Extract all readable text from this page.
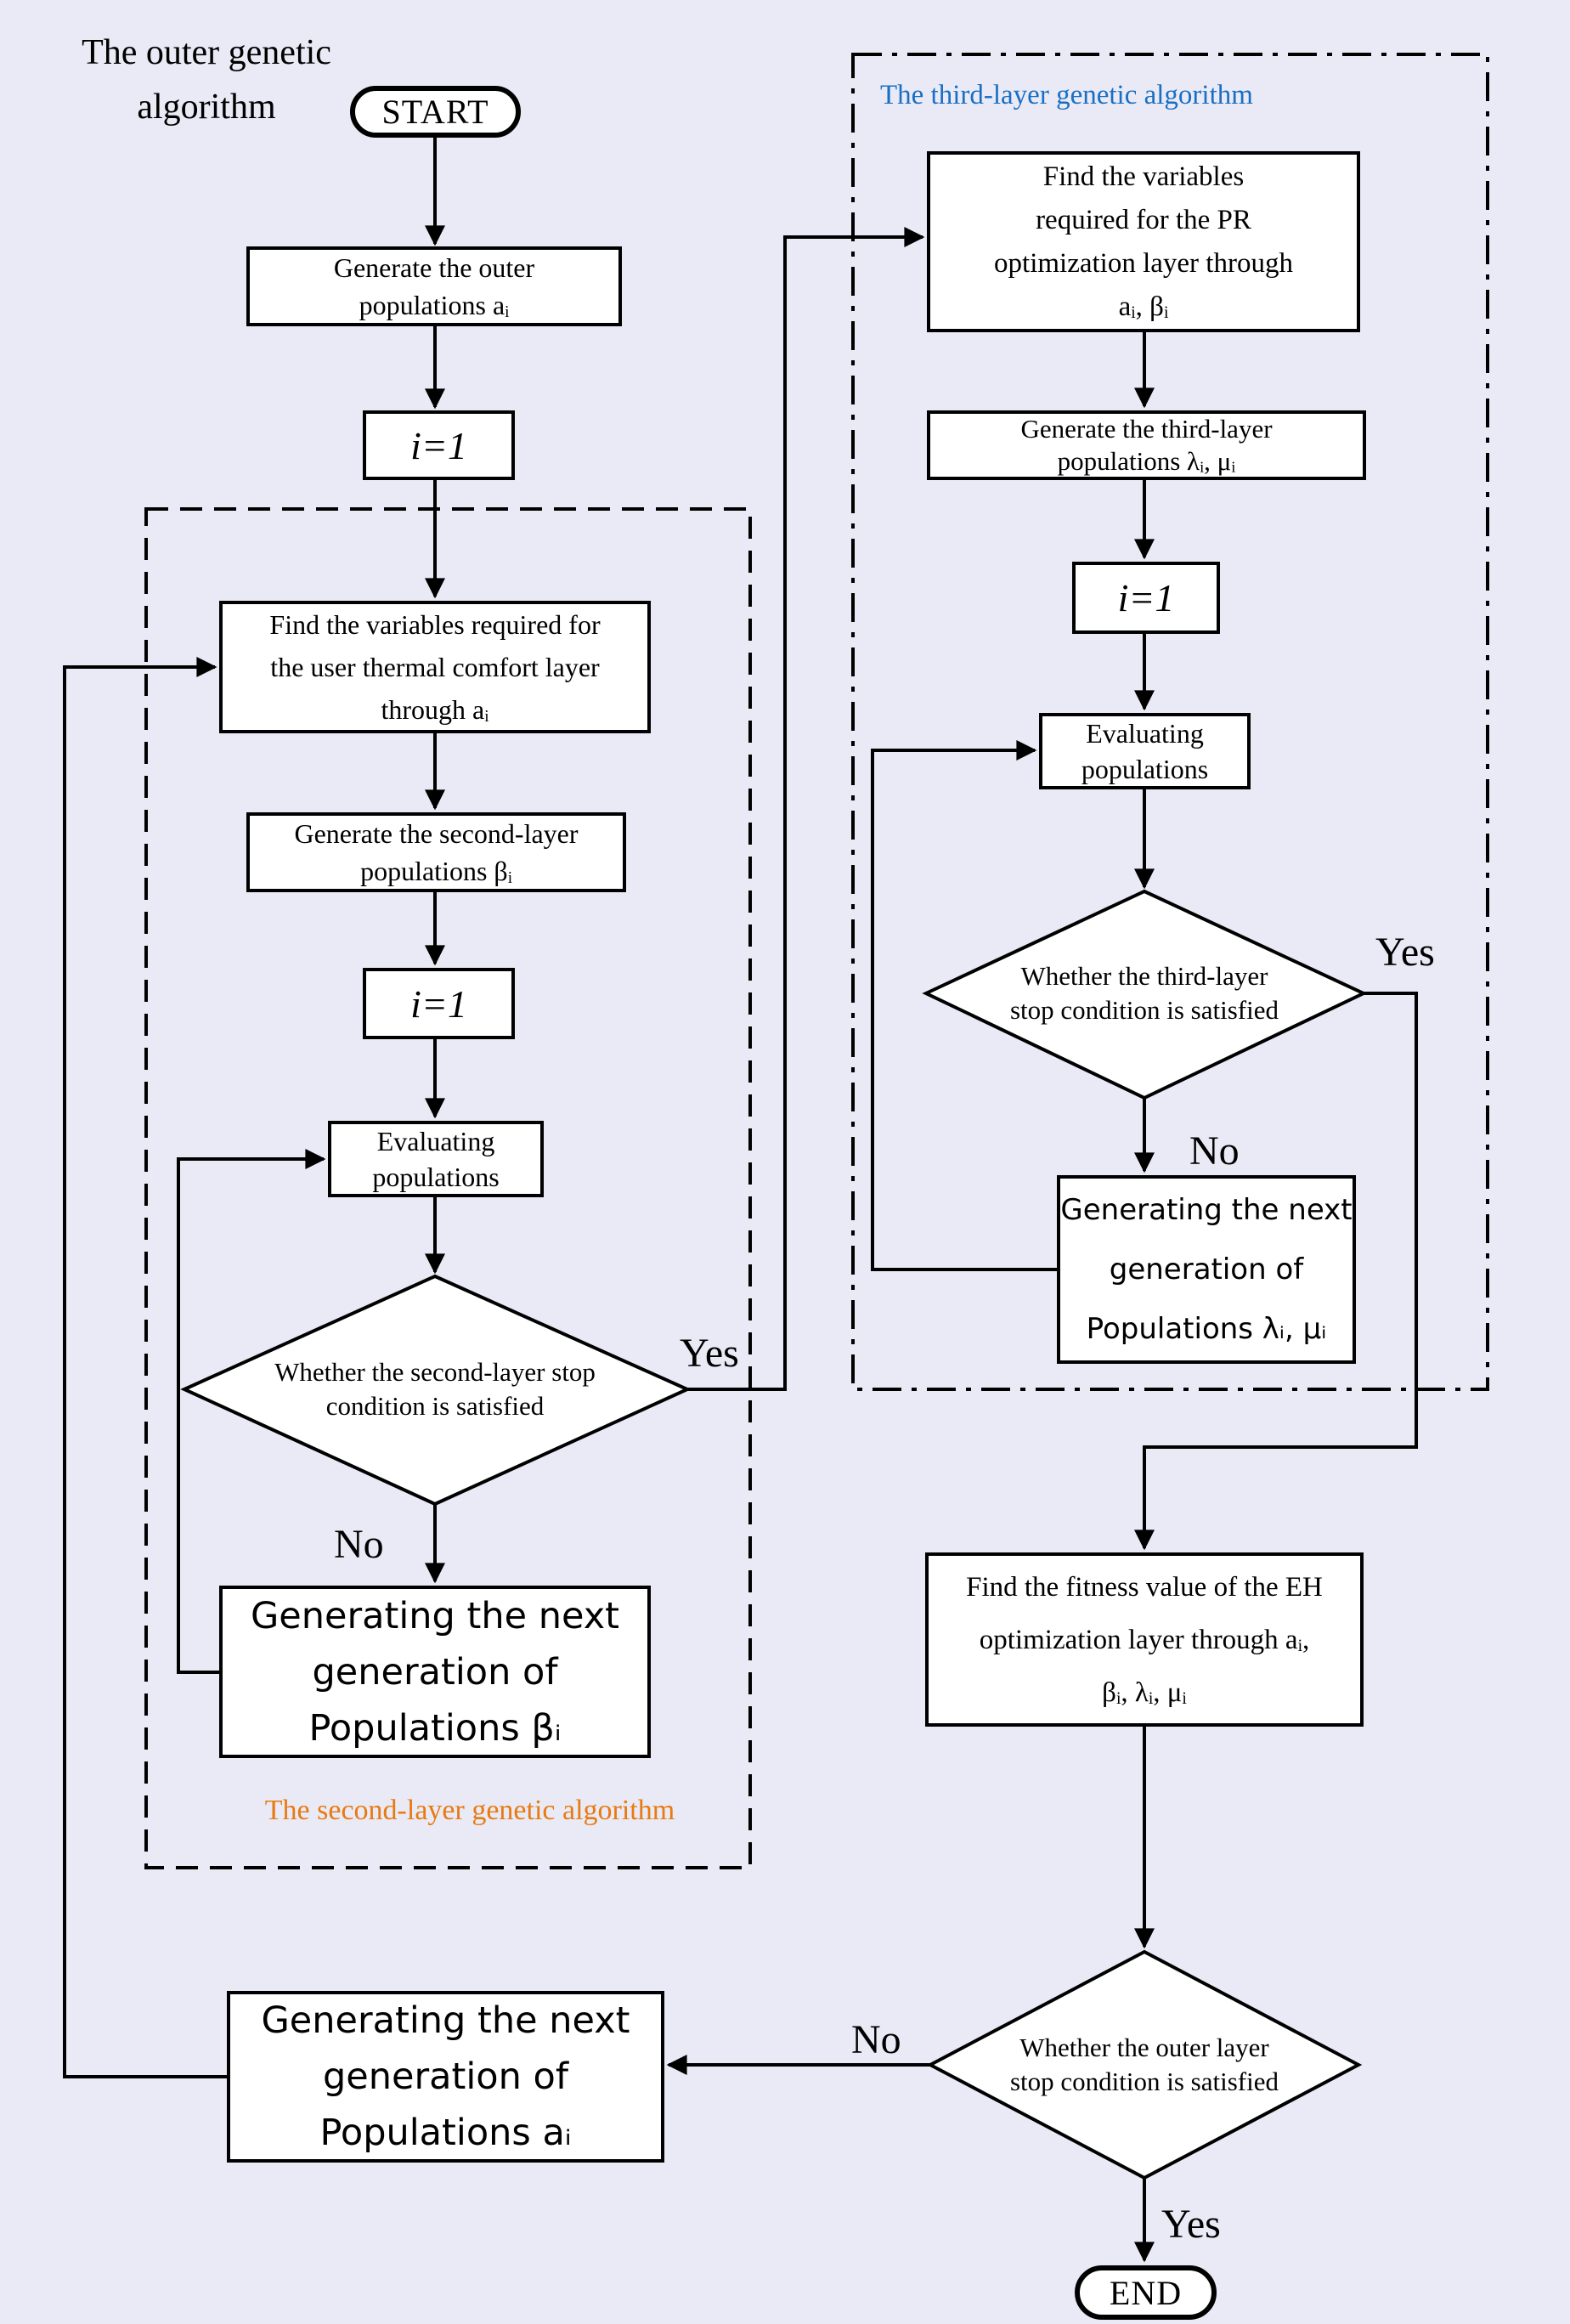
The outer genetic
algorithm	START
Generate the outer
populations aᵢ
i=1
Find the variables required for
the user thermal comfort layer
through aᵢ
Generate the second-layer
populations βᵢ
i=1
Evaluating
populations
Whether the second-layer stop
condition is satisfied
Yes
No
Generating the next
generation of
Populations βᵢ
The second-layer genetic algorithm
The third-layer genetic algorithm
Find the variables
required for the PR
optimization layer through
aᵢ, βᵢ
Generate the third-layer
populations λᵢ, μᵢ
i=1
Evaluating
populations
Whether the third-layer
stop condition is satisfied
Yes
No
Generating the next
generation of
Populations λᵢ, μᵢ
Find the fitness value of the EH
optimization layer through aᵢ,
βᵢ, λᵢ, μᵢ
Whether the outer layer
stop condition is satisfied
No
Yes
Generating the next
generation of
Populations aᵢ
END
